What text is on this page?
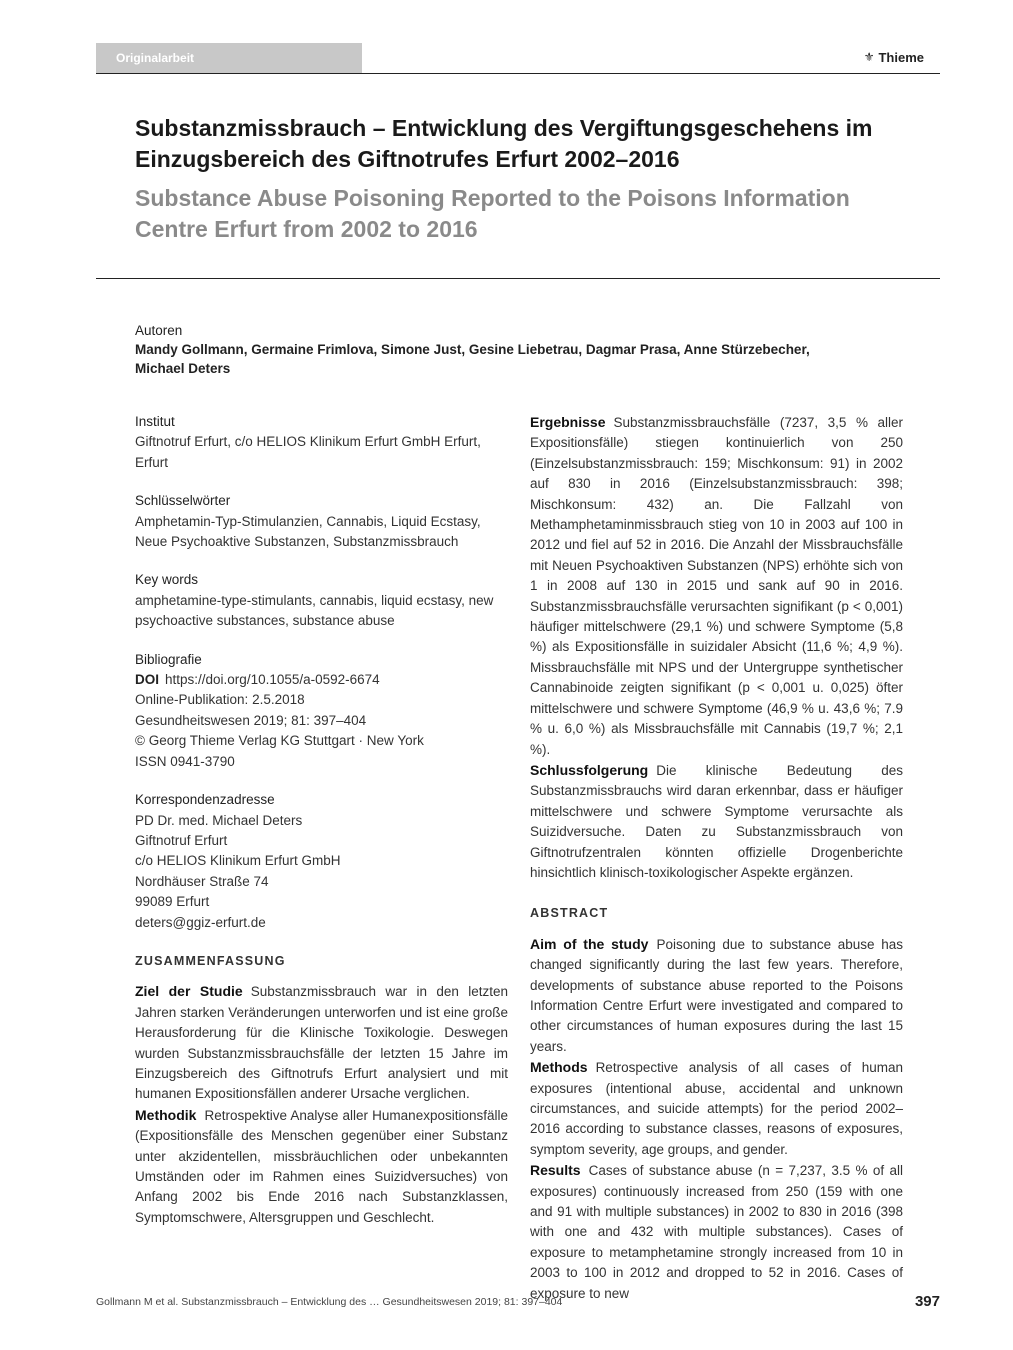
Originalarbeit	⚜ Thieme
Substanzmissbrauch – Entwicklung des Vergiftungsgeschehens im Einzugsbereich des Giftnotrufes Erfurt 2002–2016
Substance Abuse Poisoning Reported to the Poisons Information Centre Erfurt from 2002 to 2016
Autoren
Mandy Gollmann, Germaine Frimlova, Simone Just, Gesine Liebetrau, Dagmar Prasa, Anne Stürzebecher, Michael Deters
Institut
Giftnotruf Erfurt, c/o HELIOS Klinikum Erfurt GmbH Erfurt, Erfurt
Schlüsselwörter
Amphetamin-Typ-Stimulanzien, Cannabis, Liquid Ecstasy, Neue Psychoaktive Substanzen, Substanzmissbrauch
Key words
amphetamine-type-stimulants, cannabis, liquid ecstasy, new psychoactive substances, substance abuse
Bibliografie
DOI https://doi.org/10.1055/a-0592-6674
Online-Publikation: 2.5.2018
Gesundheitswesen 2019; 81: 397–404
© Georg Thieme Verlag KG Stuttgart · New York
ISSN 0941-3790
Korrespondenzadresse
PD Dr. med. Michael Deters
Giftnotruf Erfurt
c/o HELIOS Klinikum Erfurt GmbH
Nordhäuser Straße 74
99089 Erfurt
deters@ggiz-erfurt.de
ZUSAMMENFASSUNG

Ziel der Studie Substanzmissbrauch war in den letzten Jahren starken Veränderungen unterworfen und ist eine große Herausforderung für die Klinische Toxikologie. Deswegen wurden Substanzmissbrauchsfälle der letzten 15 Jahre im Einzugsbereich des Giftnotrufs Erfurt analysiert und mit humanen Expositionsfällen anderer Ursache verglichen.

Methodik Retrospektive Analyse aller Humanexpositionsfälle (Expositionsfälle des Menschen gegenüber einer Substanz unter akzidentellen, missbräuchlichen oder unbekannten Umständen oder im Rahmen eines Suizidversuches) von Anfang 2002 bis Ende 2016 nach Substanzklassen, Symptomschwere, Altersgruppen und Geschlecht.

Ergebnisse Substanzmissbrauchsfälle (7237, 3,5 % aller Expositionsfälle) stiegen kontinuierlich von 250 (Einzelsubstanzmissbrauch: 159; Mischkonsum: 91) in 2002 auf 830 in 2016 (Einzelsubstanzmissbrauch: 398; Mischkonsum: 432) an. Die Fallzahl von Methamphetaminmissbrauch stieg von 10 in 2003 auf 100 in 2012 und fiel auf 52 in 2016. Die Anzahl der Missbrauchsfälle mit Neuen Psychoaktiven Substanzen (NPS) erhöhte sich von 1 in 2008 auf 130 in 2015 und sank auf 90 in 2016. Substanzmissbrauchsfälle verursachten signifikant (p < 0,001) häufiger mittelschwere (29,1 %) und schwere Symptome (5,8 %) als Expositionsfälle in suizidaler Absicht (11,6 %; 4,9 %). Missbrauchsfälle mit NPS und der Untergruppe synthetischer Cannabinoide zeigten signifikant (p < 0,001 u. 0,025) öfter mittelschwere und schwere Symptome (46,9 % u. 43,6 %; 7.9 % u. 6,0 %) als Missbrauchsfälle mit Cannabis (19,7 %; 2,1 %).

Schlussfolgerung Die klinische Bedeutung des Substanzmissbrauchs wird daran erkennbar, dass er häufiger mittelschwere und schwere Symptome verursachte als Suizidversuche. Daten zu Substanzmissbrauch von Giftnotrufzentralen könnten offizielle Drogenberichte hinsichtlich klinisch-toxikologischer Aspekte ergänzen.

ABSTRACT

Aim of the study Poisoning due to substance abuse has changed significantly during the last few years. Therefore, developments of substance abuse reported to the Poisons Information Centre Erfurt were investigated and compared to other circumstances of human exposures during the last 15 years.

Methods Retrospective analysis of all cases of human exposures (intentional abuse, accidental and unknown circumstances, and suicide attempts) for the period 2002–2016 according to substance classes, reasons of exposures, symptom severity, age groups, and gender.

Results Cases of substance abuse (n = 7,237, 3.5 % of all exposures) continuously increased from 250 (159 with one and 91 with multiple substances) in 2002 to 830 in 2016 (398 with one and 432 with multiple substances). Cases of exposure to metamphetamine strongly increased from 10 in 2003 to 100 in 2012 and dropped to 52 in 2016. Cases of exposure to new

Gollmann M et al. Substanzmissbrauch – Entwicklung des … Gesundheitswesen 2019; 81: 397–404	397
